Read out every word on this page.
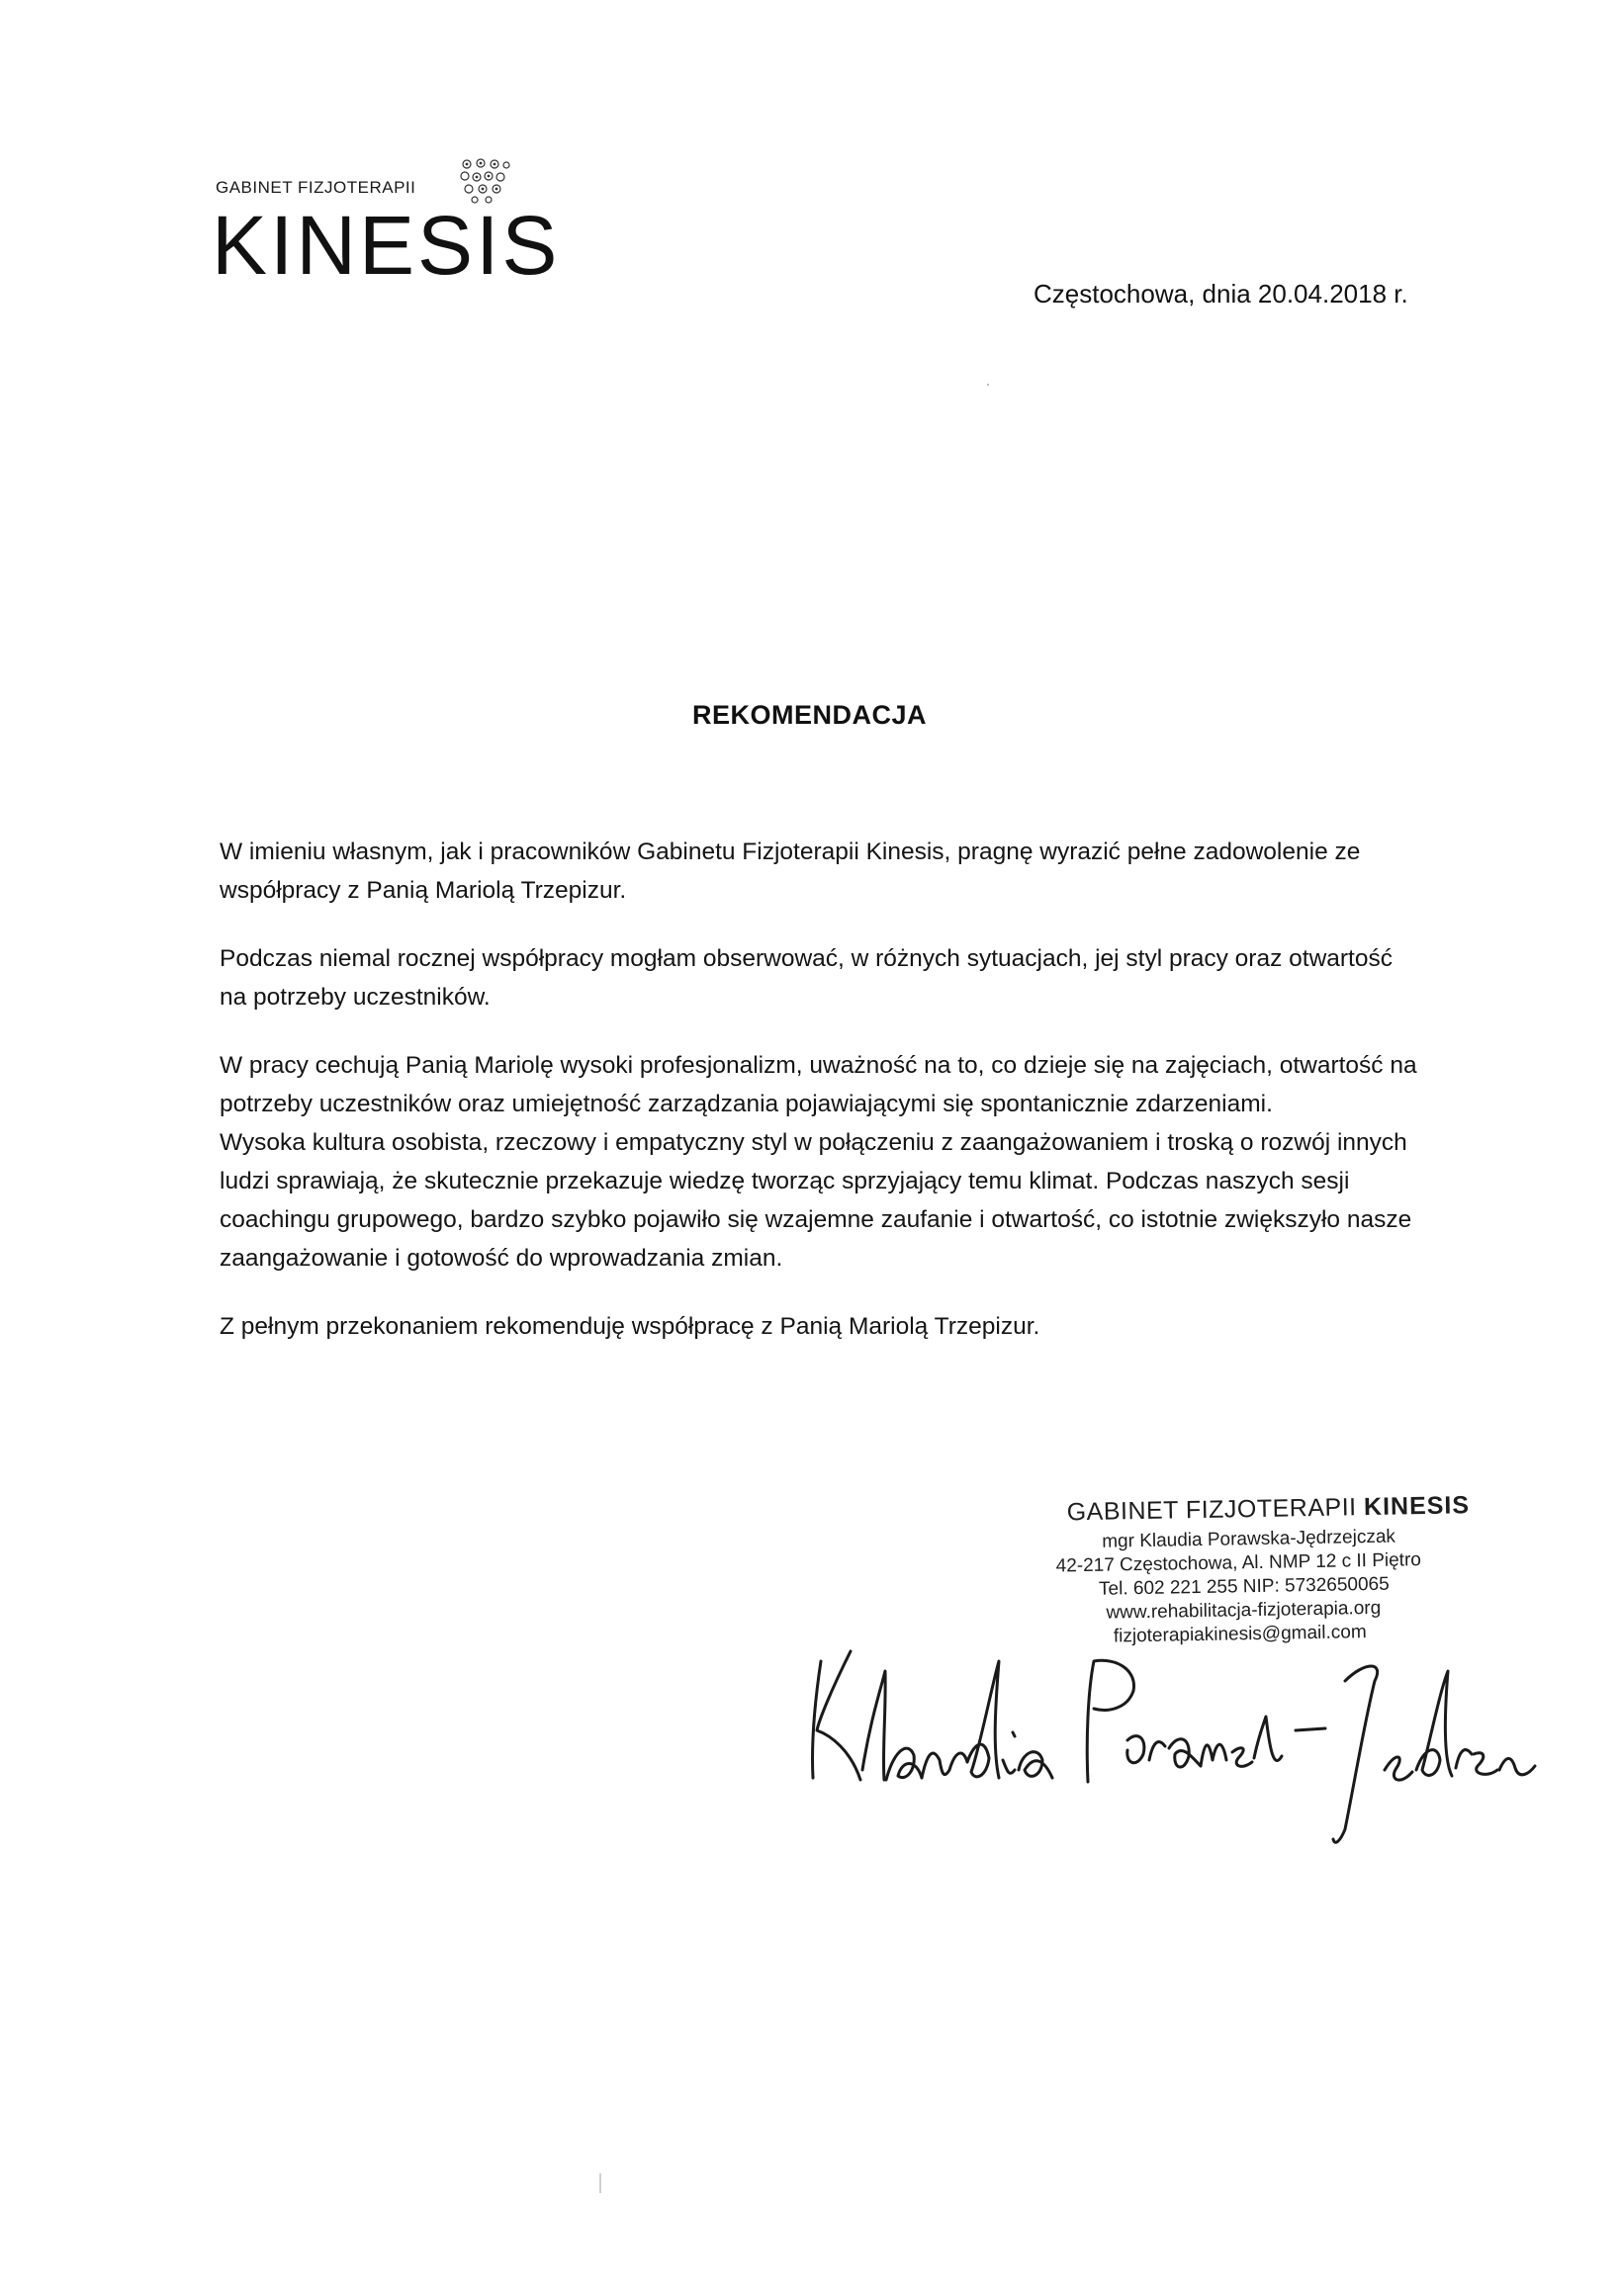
GABINET FIZJOTERAPII
KINESIS
Częstochowa, dnia 20.04.2018 r.
REKOMENDACJA

W imieniu własnym, jak i pracowników Gabinetu Fizjoterapii Kinesis, pragnę wyrazić pełne zadowolenie ze współpracy z Panią Mariolą Trzepizur.

Podczas niemal rocznej współpracy mogłam obserwować, w różnych sytuacjach, jej styl pracy oraz otwartość na potrzeby uczestników.

W pracy cechują Panią Mariolę wysoki profesjonalizm, uważność na to, co dzieje się na zajęciach, otwartość na potrzeby uczestników oraz umiejętność zarządzania pojawiającymi się spontanicznie zdarzeniami.

Wysoka kultura osobista, rzeczowy i empatyczny styl w połączeniu z zaangażowaniem i troską o rozwój innych ludzi sprawiają, że skutecznie przekazuje wiedzę tworząc sprzyjający temu klimat. Podczas naszych sesji coachingu grupowego, bardzo szybko pojawiło się wzajemne zaufanie i otwartość, co istotnie zwiększyło nasze zaangażowanie i gotowość do wprowadzania zmian.

Z pełnym przekonaniem rekomenduję współpracę z Panią Mariolą Trzepizur.

GABINET FIZJOTERAPII KINESIS
mgr Klaudia Porawska-Jędrzejczak
42-217 Częstochowa, Al. NMP 12 c II Piętro
Tel. 602 221 255 NIP: 5732650065
www.rehabilitacja-fizjoterapia.org
fizjoterapiakinesis@gmail.com
